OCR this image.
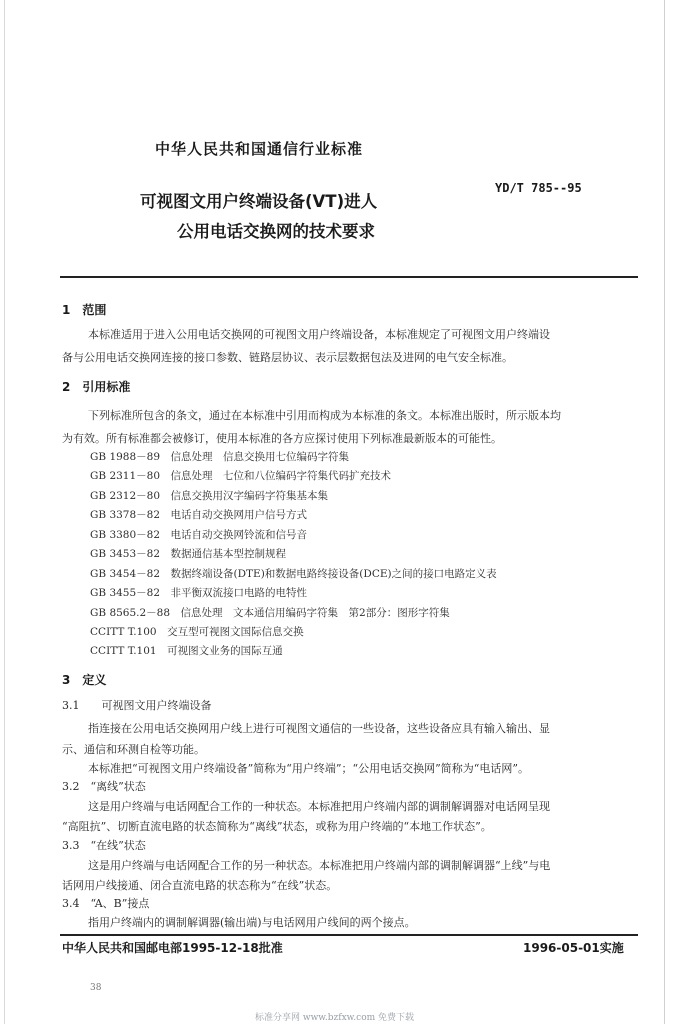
中华人民共和国通信行业标准
YD/T 785--95
可视图文用户终端设备(VT)进人
公用电话交换网的技术要求
1　范围
本标准适用于进入公用电话交换网的可视图文用户终端设备，本标准规定了可视图文用户终端设
备与公用电话交换网连接的接口参数、链路层协议、表示层数据包法及进网的电气安全标准。
2　引用标准
下列标准所包含的条文，通过在本标准中引用而构成为本标准的条文。本标准出版时，所示版本均
为有效。所有标准都会被修订，使用本标准的各方应探讨使用下列标准最新版本的可能性。
GB 1988－89　信息处理　信息交换用七位编码字符集
GB 2311－80　信息处理　七位和八位编码字符集代码扩充技术
GB 2312－80　信息交换用汉字编码字符集基本集
GB 3378－82　电话自动交换网用户信号方式
GB 3380－82　电话自动交换网铃流和信号音
GB 3453－82　数据通信基本型控制规程
GB 3454－82　数据终端设备(DTE)和数据电路终接设备(DCE)之间的接口电路定义表
GB 3455－82　非平衡双流接口电路的电特性
GB 8565.2－88　信息处理　文本通信用编码字符集　第2部分：图形字符集
CCITT T.100　交互型可视图文国际信息交换
CCITT T.101　可视图文业务的国际互通
3　定义
3.1　　可视图文用户终端设备
指连接在公用电话交换网用户线上进行可视图文通信的一些设备，这些设备应具有输入输出、显
示、通信和环测自检等功能。
本标准把“可视图文用户终端设备”简称为“用户终端”；“公用电话交换网”简称为“电话网”。
3.2　“离线”状态
这是用户终端与电话网配合工作的一种状态。本标准把用户终端内部的调制解调器对电话网呈现
“高阻抗”、切断直流电路的状态简称为“离线”状态，或称为用户终端的“本地工作状态”。
3.3　“在线”状态
这是用户终端与电话网配合工作的另一种状态。本标准把用户终端内部的调制解调器“上线”与电
话网用户线接通、闭合直流电路的状态称为“在线”状态。
3.4　“A、B”接点
指用户终端内的调制解调器(输出端)与电话网用户线间的两个接点。
中华人民共和国邮电部1995-12-18批准	1996-05-01实施
38
标准分享网 www.bzfxw.com 免费下载
